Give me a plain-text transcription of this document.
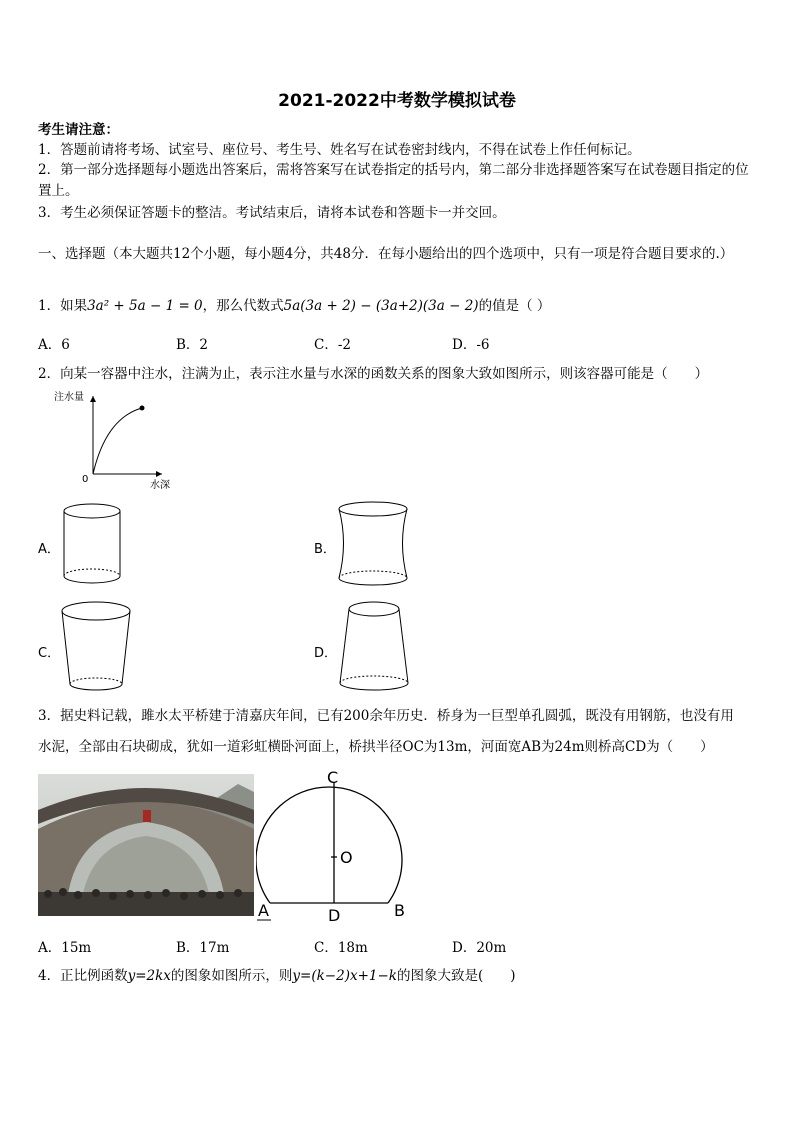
2021-2022中考数学模拟试卷
考生请注意：
1．答题前请将考场、试室号、座位号、考生号、姓名写在试卷密封线内，不得在试卷上作任何标记。
2．第一部分选择题每小题选出答案后，需将答案写在试卷指定的括号内，第二部分非选择题答案写在试卷题目指定的位置上。
3．考生必须保证答题卡的整洁。考试结束后，请将本试卷和答题卡一并交回。
一、选择题（本大题共12个小题，每小题4分，共48分．在每小题给出的四个选项中，只有一项是符合题目要求的.）
1．如果3a² + 5a − 1 = 0，那么代数式5a(3a + 2) − (3a+2)(3a − 2)的值是（ ）
A．6	B．2	C．-2	D．-6
2．向某一容器中注水，注满为止，表示注水量与水深的函数关系的图象大致如图所示，则该容器可能是（　　）
注水量
0
水深
A．	B．
C．	D．
3．据史料记载，雎水太平桥建于清嘉庆年间，已有200余年历史．桥身为一巨型单孔圆弧，既没有用钢筋，也没有用
水泥，全部由石块砌成，犹如一道彩虹横卧河面上，桥拱半径OC为13m，河面宽AB为24m则桥高CD为（　　）
C
O
A	D	B
A．15m	B．17m	C．18m	D．20m
4．正比例函数y=2kx的图象如图所示，则y=(k−2)x+1−k的图象大致是(　　)
